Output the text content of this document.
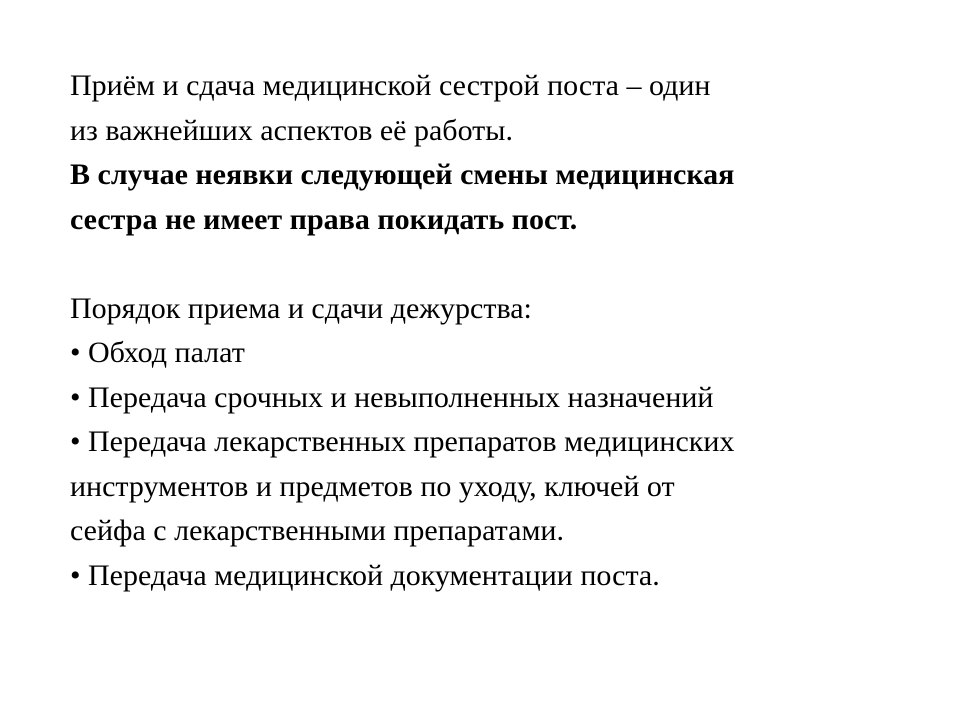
Приём и сдача медицинской сестрой поста – один
из важнейших аспектов её работы.
В случае неявки следующей смены медицинская
сестра не имеет права покидать пост.
Порядок приема и сдачи дежурства:
• Обход палат
• Передача срочных и невыполненных назначений
• Передача лекарственных препаратов медицинских
инструментов и предметов по уходу, ключей от
сейфа с лекарственными препаратами.
• Передача медицинской документации поста.
